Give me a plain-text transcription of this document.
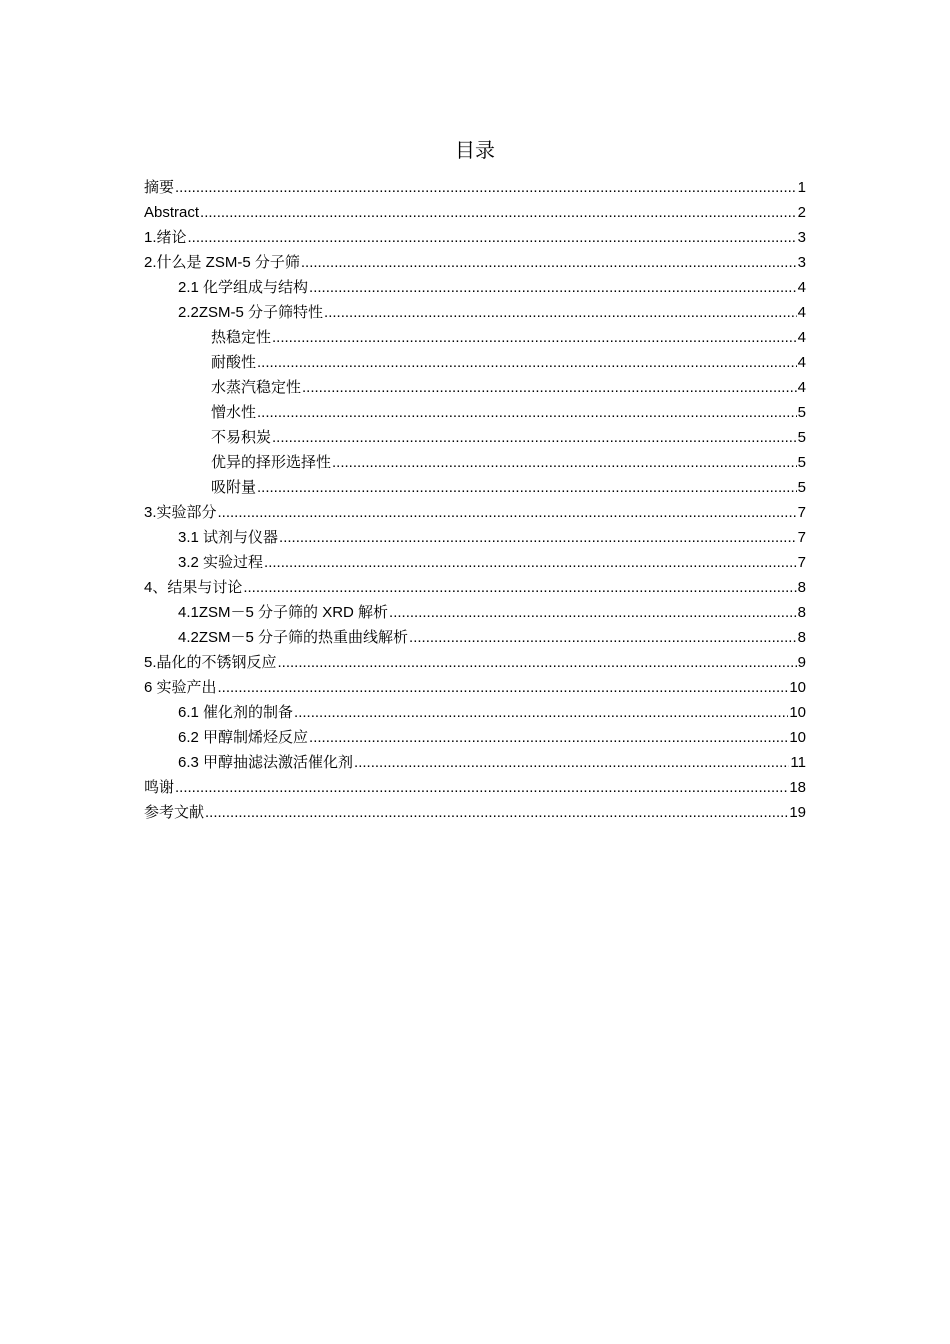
目录
摘要 .....	1
Abstract .....	2
1.绪论 .....	3
2.什么是 ZSM-5 分子筛 .....	3
2.1 化学组成与结构 .....	4
2.2ZSM-5 分子筛特性 .....	4
热稳定性 .....	4
耐酸性 .....	4
水蒸汽稳定性 .....	4
憎水性 .....	5
不易积炭 .....	5
优异的择形选择性 .....	5
吸附量 .....	5
3.实验部分 .....	7
3.1 试剂与仪器 .....	7
3.2 实验过程 .....	7
4、结果与讨论 .....	8
4.1ZSM－5 分子筛的 XRD 解析 .....	8
4.2ZSM－5 分子筛的热重曲线解析 .....	8
5.晶化的不锈钢反应 .....	9
6 实验产出 .....	10
6.1 催化剂的制备 .....	10
6.2 甲醇制烯烃反应 .....	10
6.3 甲醇抽滤法激活催化剂 .....	11
鸣谢 .....	18
参考文献 .....	19
